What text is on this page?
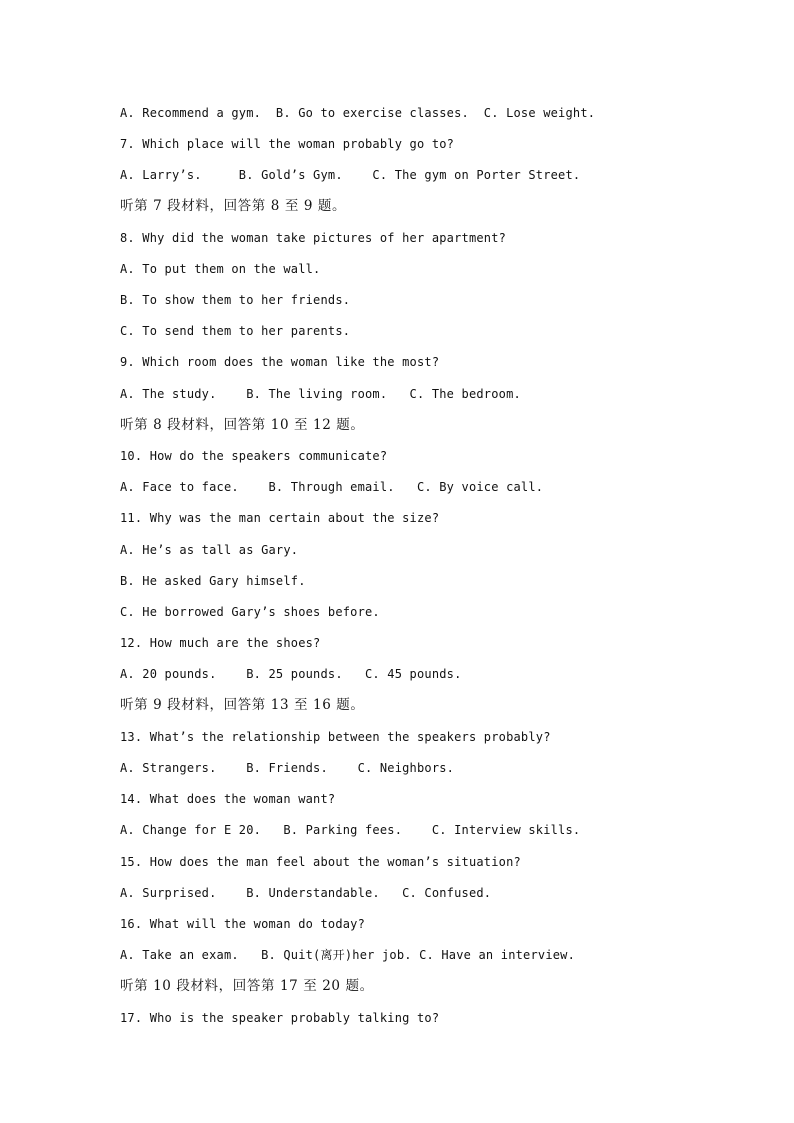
A. Recommend a gym.  B. Go to exercise classes.  C. Lose weight.
7. Which place will the woman probably go to?
A. Larry’s.     B. Gold’s Gym.    C. The gym on Porter Street.
听第 7 段材料，回答第 8 至 9 题。
8. Why did the woman take pictures of her apartment?
A. To put them on the wall.
B. To show them to her friends.
C. To send them to her parents.
9. Which room does the woman like the most?
A. The study.    B. The living room.   C. The bedroom.
听第 8 段材料，回答第 10 至 12 题。
10. How do the speakers communicate?
A. Face to face.    B. Through email.   C. By voice call.
11. Why was the man certain about the size?
A. He’s as tall as Gary.
B. He asked Gary himself.
C. He borrowed Gary’s shoes before.
12. How much are the shoes?
A. 20 pounds.    B. 25 pounds.   C. 45 pounds.
听第 9 段材料，回答第 13 至 16 题。
13. What’s the relationship between the speakers probably?
A. Strangers.    B. Friends.    C. Neighbors.
14. What does the woman want?
A. Change for E 20.   B. Parking fees.    C. Interview skills.
15. How does the man feel about the woman’s situation?
A. Surprised.    B. Understandable.   C. Confused.
16. What will the woman do today?
A. Take an exam.   B. Quit(离开)her job. C. Have an interview.
听第 10 段材料，回答第 17 至 20 题。
17. Who is the speaker probably talking to?
